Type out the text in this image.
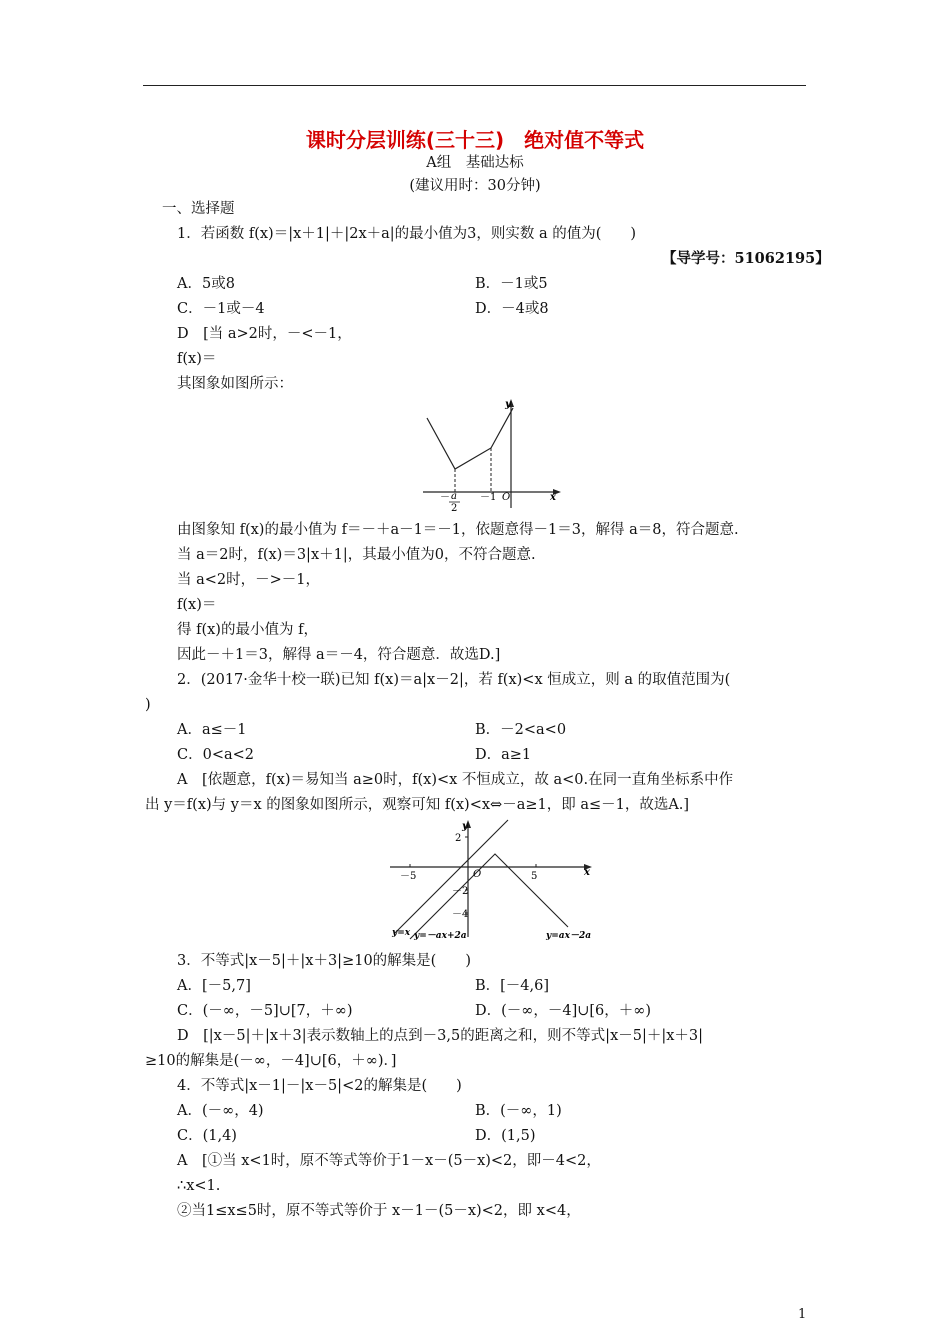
课时分层训练(三十三)　绝对值不等式
A组　基础达标
(建议用时：30分钟)
一、选择题
1．若函数 f(x)＝|x＋1|＋|2x＋a|的最小值为3，则实数 a 的值为(　　)
【导学号：51062195】
A．5或8	B．－1或5
C．－1或－4	D．－4或8
D　[当 a>2时，－<－1，
f(x)＝
其图象如图所示：
y
x
－ a
2
－1 O
由图象知 f(x)的最小值为 f＝－＋a－1＝－1，依题意得－1＝3，解得 a＝8，符合题意.
当 a＝2时，f(x)＝3|x＋1|，其最小值为0，不符合题意.
当 a<2时，－>－1，
f(x)＝
得 f(x)的最小值为 f，
因此－＋1＝3，解得 a＝－4，符合题意．故选D.]
2．(2017·金华十校一联)已知 f(x)＝a|x－2|，若 f(x)<x 恒成立，则 a 的取值范围为(
)
A．a≤－1	B．－2<a<0
C．0<a<2	D．a≥1
A　[依题意，f(x)＝易知当 a≥0时，f(x)<x 不恒成立，故 a<0.在同一直角坐标系中作
出 y＝f(x)与 y＝x 的图象如图所示，观察可知 f(x)<x⇔－a≥1，即 a≤－1，故选A.]
y
x
2
－5	O	5
－2
－4
y=x y=－ax+2a	y=ax－2a
3．不等式|x－5|＋|x＋3|≥10的解集是(　　)
A．[－5,7]	B．[－4,6]
C．(－∞，－5]∪[7，＋∞)	D．(－∞，－4]∪[6，＋∞)
D　[|x－5|＋|x＋3|表示数轴上的点到－3,5的距离之和，则不等式|x－5|＋|x＋3|
≥10的解集是(－∞，－4]∪[6，＋∞)．]
4．不等式|x－1|－|x－5|<2的解集是(　　)
A．(－∞，4)	B．(－∞，1)
C．(1,4)	D．(1,5)
A　[①当 x<1时，原不等式等价于1－x－(5－x)<2，即－4<2，
∴x<1.
②当1≤x≤5时，原不等式等价于 x－1－(5－x)<2，即 x<4，
1
